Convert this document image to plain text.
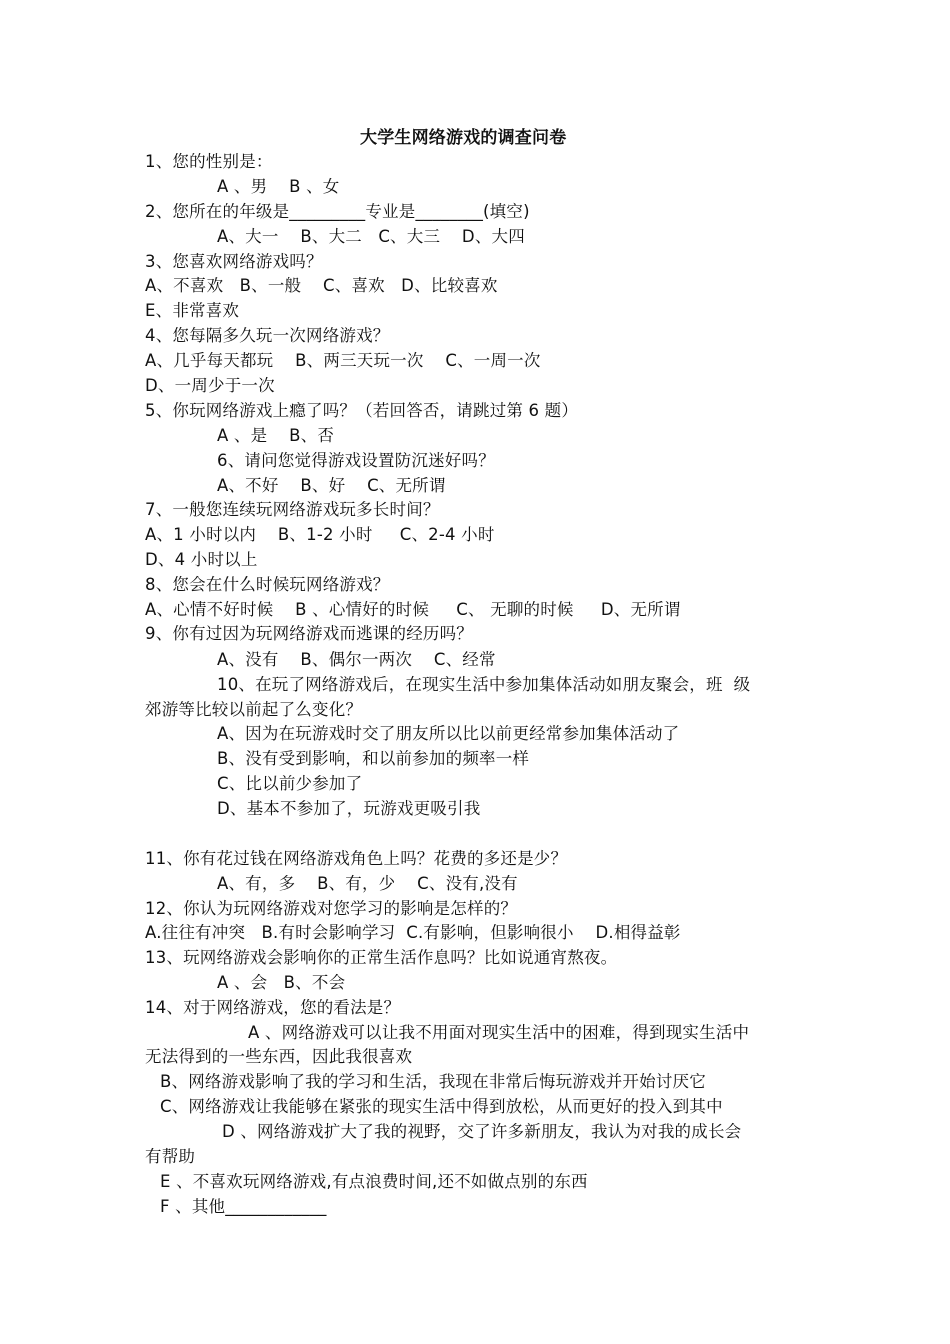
大学生网络游戏的调查问卷
1、您的性别是：
A 、男    B 、女
2、您所在的年级是_________专业是________(填空)
A、大一    B、大二   C、大三    D、大四
3、您喜欢网络游戏吗？
A、不喜欢   B、一般    C、喜欢   D、比较喜欢
E、非常喜欢
4、您每隔多久玩一次网络游戏？
A、几乎每天都玩    B、两三天玩一次    C、一周一次
D、一周少于一次
5、你玩网络游戏上瘾了吗？（若回答否，请跳过第 6 题）
A 、是    B、否
6、请问您觉得游戏设置防沉迷好吗？
A、不好    B、好    C、无所谓
7、一般您连续玩网络游戏玩多长时间？
A、1 小时以内    B、1-2 小时     C、2-4 小时
D、4 小时以上
8、您会在什么时候玩网络游戏？
A、心情不好时候    B 、心情好的时候     C、 无聊的时候     D、无所谓
9、你有过因为玩网络游戏而逃课的经历吗？
A、没有    B、偶尔一两次    C、经常
10、在玩了网络游戏后，在现实生活中参加集体活动如朋友聚会，班  级
郊游等比较以前起了么变化？
A、因为在玩游戏时交了朋友所以比以前更经常参加集体活动了
B、没有受到影响，和以前参加的频率一样
C、比以前少参加了
D、基本不参加了，玩游戏更吸引我
11、你有花过钱在网络游戏角色上吗？花费的多还是少？
A、有，多    B、有，少    C、没有,没有
12、你认为玩网络游戏对您学习的影响是怎样的？
A.往往有冲突   B.有时会影响学习  C.有影响，但影响很小    D.相得益彰
13、玩网络游戏会影响你的正常生活作息吗？比如说通宵熬夜。
A 、会   B、不会
14、对于网络游戏，您的看法是？
A 、网络游戏可以让我不用面对现实生活中的困难，得到现实生活中
无法得到的一些东西，因此我很喜欢
B、网络游戏影响了我的学习和生活，我现在非常后悔玩游戏并开始讨厌它
C、网络游戏让我能够在紧张的现实生活中得到放松，从而更好的投入到其中
D 、网络游戏扩大了我的视野，交了许多新朋友，我认为对我的成长会
有帮助
E 、不喜欢玩网络游戏,有点浪费时间,还不如做点别的东西
F 、其他____________
